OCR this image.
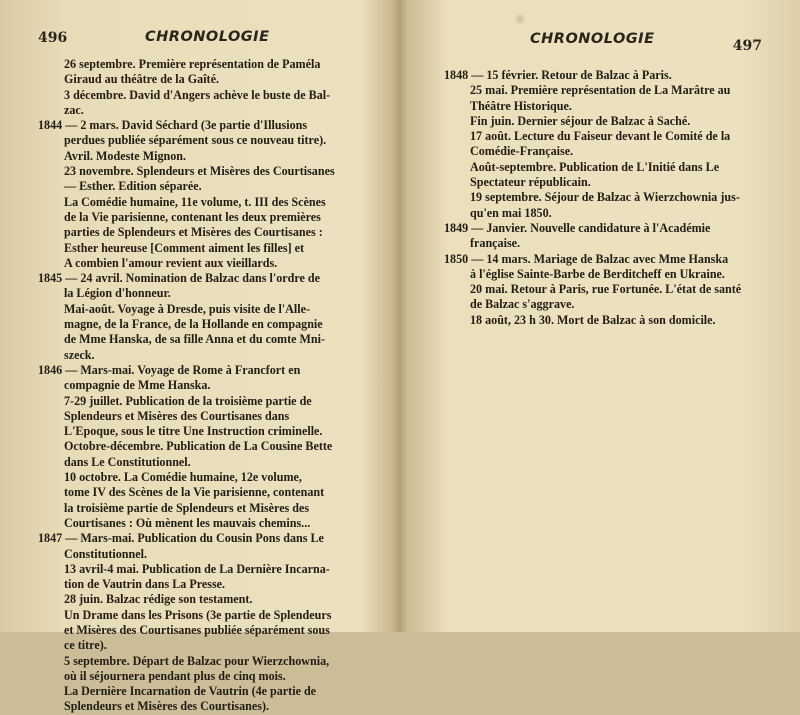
496	CHRONOLOGIE
26 septembre. Première représentation de Paméla
Giraud au théâtre de la Gaîté.
3 décembre. David d'Angers achève le buste de Bal-
zac.
1844 — 2 mars. David Séchard (3e partie d'Illusions
perdues publiée séparément sous ce nouveau titre).
Avril. Modeste Mignon.
23 novembre. Splendeurs et Misères des Courtisanes
— Esther. Edition séparée.
La Comédie humaine, 11e volume, t. III des Scènes
de la Vie parisienne, contenant les deux premières
parties de Splendeurs et Misères des Courtisanes :
Esther heureuse [Comment aiment les filles] et
A combien l'amour revient aux vieillards.
1845 — 24 avril. Nomination de Balzac dans l'ordre de
la Légion d'honneur.
Mai-août. Voyage à Dresde, puis visite de l'Alle-
magne, de la France, de la Hollande en compagnie
de Mme Hanska, de sa fille Anna et du comte Mni-
szeck.
1846 — Mars-mai. Voyage de Rome à Francfort en
compagnie de Mme Hanska.
7-29 juillet. Publication de la troisième partie de
Splendeurs et Misères des Courtisanes dans
L'Epoque, sous le titre Une Instruction criminelle.
Octobre-décembre. Publication de La Cousine Bette
dans Le Constitutionnel.
10 octobre. La Comédie humaine, 12e volume,
tome IV des Scènes de la Vie parisienne, contenant
la troisième partie de Splendeurs et Misères des
Courtisanes : Où mènent les mauvais chemins...
1847 — Mars-mai. Publication du Cousin Pons dans Le
Constitutionnel.
13 avril-4 mai. Publication de La Dernière Incarna-
tion de Vautrin dans La Presse.
28 juin. Balzac rédige son testament.
Un Drame dans les Prisons (3e partie de Splendeurs
et Misères des Courtisanes publiée séparément sous
ce titre).
5 septembre. Départ de Balzac pour Wierzchownia,
où il séjournera pendant plus de cinq mois.
La Dernière Incarnation de Vautrin (4e partie de
Splendeurs et Misères des Courtisanes).
CHRONOLOGIE	497
1848 — 15 février. Retour de Balzac à Paris.
25 mai. Première représentation de La Marâtre au
Théâtre Historique.
Fin juin. Dernier séjour de Balzac à Saché.
17 août. Lecture du Faiseur devant le Comité de la
Comédie-Française.
Août-septembre. Publication de L'Initié dans Le
Spectateur républicain.
19 septembre. Séjour de Balzac à Wierzchownia jus-
qu'en mai 1850.
1849 — Janvier. Nouvelle candidature à l'Académie
française.
1850 — 14 mars. Mariage de Balzac avec Mme Hanska
à l'église Sainte-Barbe de Berditcheff en Ukraine.
20 mai. Retour à Paris, rue Fortunée. L'état de santé
de Balzac s'aggrave.
18 août, 23 h 30. Mort de Balzac à son domicile.
